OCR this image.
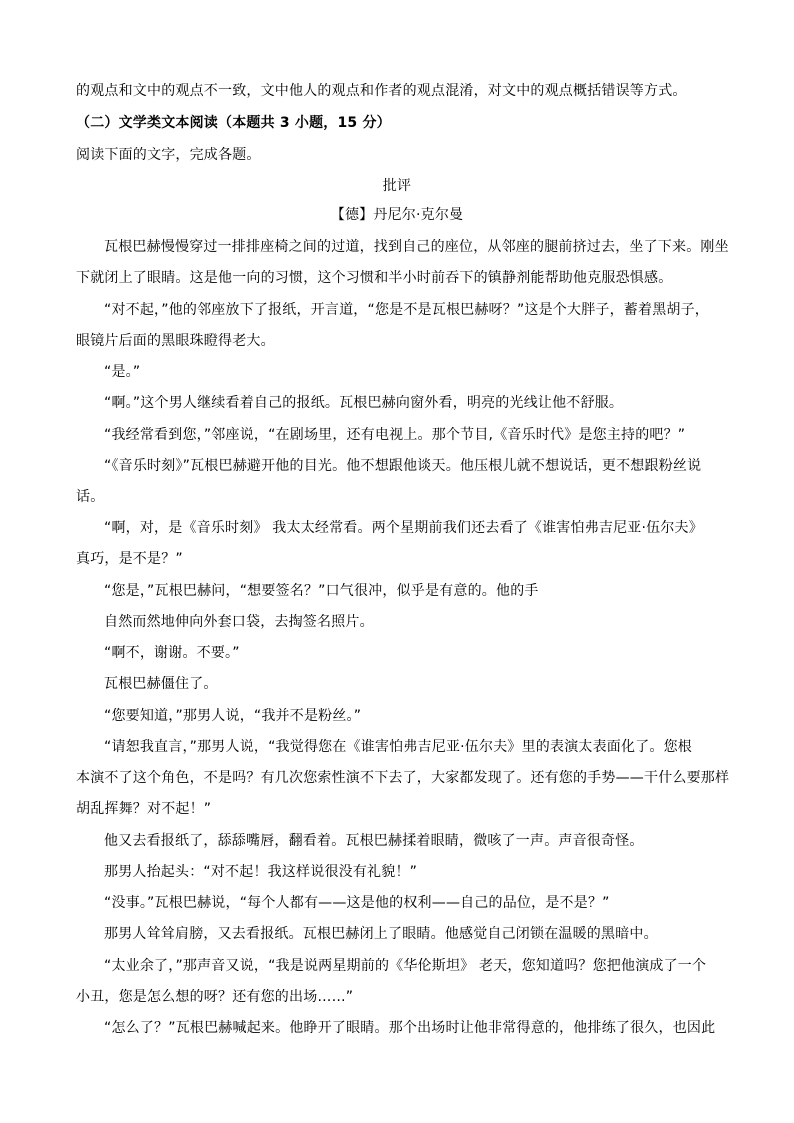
的观点和文中的观点不一致，文中他人的观点和作者的观点混淆，对文中的观点概括错误等方式。
（二）文学类文本阅读（本题共 3 小题，15 分）
阅读下面的文字，完成各题。
批评
【德】丹尼尔·克尔曼
瓦根巴赫慢慢穿过一排排座椅之间的过道，找到自己的座位，从邻座的腿前挤过去，坐了下来。刚坐
下就闭上了眼睛。这是他一向的习惯，这个习惯和半小时前吞下的镇静剂能帮助他克服恐惧感。
“对不起，”他的邻座放下了报纸，开言道，“您是不是瓦根巴赫呀？”这是个大胖子，蓄着黑胡子，
眼镜片后面的黑眼珠瞪得老大。
“是。”
“啊。”这个男人继续看着自己的报纸。瓦根巴赫向窗外看，明亮的光线让他不舒服。
“我经常看到您，”邻座说，“在剧场里，还有电视上。那个节目,《音乐时代》是您主持的吧？”
“《音乐时刻》”瓦根巴赫避开他的目光。他不想跟他谈天。他压根儿就不想说话，更不想跟粉丝说
话。
“啊，对，是《音乐时刻》 我太太经常看。两个星期前我们还去看了《谁害怕弗吉尼亚·伍尔夫》
真巧，是不是？”
“您是，”瓦根巴赫问，“想要签名？”口气很冲，似乎是有意的。他的手
自然而然地伸向外套口袋，去掏签名照片。
“啊不，谢谢。不要。”
瓦根巴赫僵住了。
“您要知道，”那男人说，“我并不是粉丝。”
“请恕我直言，”那男人说，“我觉得您在《谁害怕弗吉尼亚·伍尔夫》里的表演太表面化了。您根
本演不了这个角色，不是吗？有几次您索性演不下去了，大家都发现了。还有您的手势——干什么要那样
胡乱挥舞？对不起！”
他又去看报纸了，舔舔嘴唇，翻看着。瓦根巴赫揉着眼睛，微咳了一声。声音很奇怪。
那男人抬起头：“对不起！我这样说很没有礼貌！”
“没事。”瓦根巴赫说，“每个人都有——这是他的权利——自己的品位，是不是？”
那男人耸耸肩膀，又去看报纸。瓦根巴赫闭上了眼睛。他感觉自己闭锁在温暖的黑暗中。
“太业余了，”那声音又说，“我是说两星期前的《华伦斯坦》 老天，您知道吗？您把他演成了一个
小丑，您是怎么想的呀？还有您的出场……”
“怎么了？”瓦根巴赫喊起来。他睁开了眼睛。那个出场时让他非常得意的，他排练了很久，也因此
